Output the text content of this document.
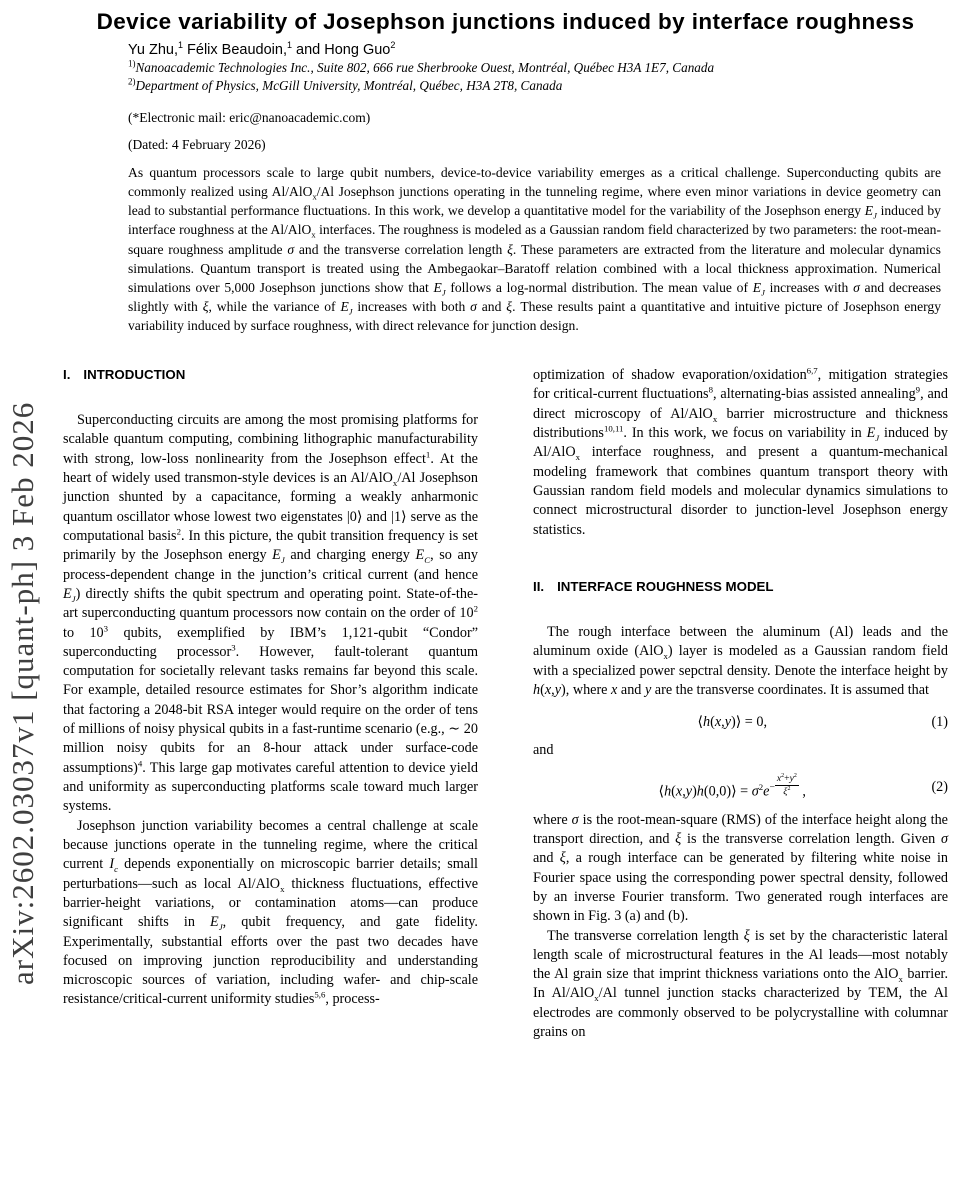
arXiv:2602.03037v1 [quant-ph] 3 Feb 2026
Device variability of Josephson junctions induced by interface roughness
Yu Zhu,$^1$ Félix Beaudoin,$^1$ and Hong Guo$^2$
$^{1)}$Nanoacademic Technologies Inc., Suite 802, 666 rue Sherbrooke Ouest, Montréal, Québec H3A 1E7, Canada
$^{2)}$Department of Physics, McGill University, Montréal, Québec, H3A 2T8, Canada
(*Electronic mail: eric@nanoacademic.com)
(Dated: 4 February 2026)
As quantum processors scale to large qubit numbers, device-to-device variability emerges as a critical challenge. Superconducting qubits are commonly realized using Al/AlO$_x$/Al Josephson junctions operating in the tunneling regime, where even minor variations in device geometry can lead to substantial performance fluctuations. In this work, we develop a quantitative model for the variability of the Josephson energy $E_J$ induced by interface roughness at the Al/AlO$_x$ interfaces. The roughness is modeled as a Gaussian random field characterized by two parameters: the root-mean-square roughness amplitude σ and the transverse correlation length ξ. These parameters are extracted from the literature and molecular dynamics simulations. Quantum transport is treated using the Ambegaokar–Baratoff relation combined with a local thickness approximation. Numerical simulations over 5,000 Josephson junctions show that $E_J$ follows a log-normal distribution. The mean value of $E_J$ increases with σ and decreases slightly with ξ, while the variance of $E_J$ increases with both σ and ξ. These results paint a quantitative and intuitive picture of Josephson energy variability induced by surface roughness, with direct relevance for junction design.
I. INTRODUCTION

Superconducting circuits are among the most promising platforms for scalable quantum computing, combining lithographic manufacturability with strong, low-loss nonlinearity from the Josephson effect$^1$. At the heart of widely used transmon-style devices is an Al/AlO$_x$/Al Josephson junction shunted by a capacitance, forming a weakly anharmonic quantum oscillator whose lowest two eigenstates |0⟩ and |1⟩ serve as the computational basis$^2$. In this picture, the qubit transition frequency is set primarily by the Josephson energy $E_J$ and charging energy $E_C$, so any process-dependent change in the junction’s critical current (and hence $E_J$) directly shifts the qubit spectrum and operating point. State-of-the-art superconducting quantum processors now contain on the order of $10^2$ to $10^3$ qubits, exemplified by IBM’s 1,121-qubit “Condor” superconducting processor$^3$. However, fault-tolerant quantum computation for societally relevant tasks remains far beyond this scale. For example, detailed resource estimates for Shor’s algorithm indicate that factoring a 2048-bit RSA integer would require on the order of tens of millions of noisy physical qubits in a fast-runtime scenario (e.g., ∼ 20 million noisy qubits for an 8-hour attack under surface-code assumptions)$^4$. This large gap motivates careful attention to device yield and uniformity as superconducting platforms scale toward much larger systems.

Josephson junction variability becomes a central challenge at scale because junctions operate in the tunneling regime, where the critical current $I_c$ depends exponentially on microscopic barrier details; small perturbations—such as local Al/AlO$_x$ thickness fluctuations, effective barrier-height variations, or contamination atoms—can produce significant shifts in $E_J$, qubit frequency, and gate fidelity. Experimentally, substantial efforts over the past two decades have focused on improving junction reproducibility and understanding microscopic sources of variation, including wafer- and chip-scale resistance/critical-current uniformity studies$^{5,6}$, process-

optimization of shadow evaporation/oxidation$^{6,7}$, mitigation strategies for critical-current fluctuations$^8$, alternating-bias assisted annealing$^9$, and direct microscopy of Al/AlO$_x$ barrier microstructure and thickness distributions$^{10,11}$. In this work, we focus on variability in $E_J$ induced by Al/AlO$_x$ interface roughness, and present a quantum-mechanical modeling framework that combines quantum transport theory with Gaussian random field models and molecular dynamics simulations to connect microstructural disorder to junction-level Josephson energy statistics.

II. INTERFACE ROUGHNESS MODEL

The rough interface between the aluminum (Al) leads and the aluminum oxide (AlO$_x$) layer is modeled as a Gaussian random field with a specialized power sepctral density. Denote the interface height by h(x,y), where x and y are the transverse coordinates. It is assumed that

⟨h(x,y)⟩ = 0,	(1)

and

⟨h(x,y)h(0,0)⟩ = $\sigma^2e^{- \frac{x^2+y^2}{\xi^2}}$ ,	(2)

where σ is the root-mean-square (RMS) of the interface height along the transport direction, and ξ is the transverse correlation length. Given σ and ξ, a rough interface can be generated by filtering white noise in Fourier space using the corresponding power spectral density, followed by an inverse Fourier transform. Two generated rough interfaces are shown in Fig. 3 (a) and (b).

The transverse correlation length ξ is set by the characteristic lateral length scale of microstructural features in the Al leads—most notably the Al grain size that imprint thickness variations onto the AlO$_x$ barrier. In Al/AlO$_x$/Al tunnel junction stacks characterized by TEM, the Al electrodes are commonly observed to be polycrystalline with columnar grains on
